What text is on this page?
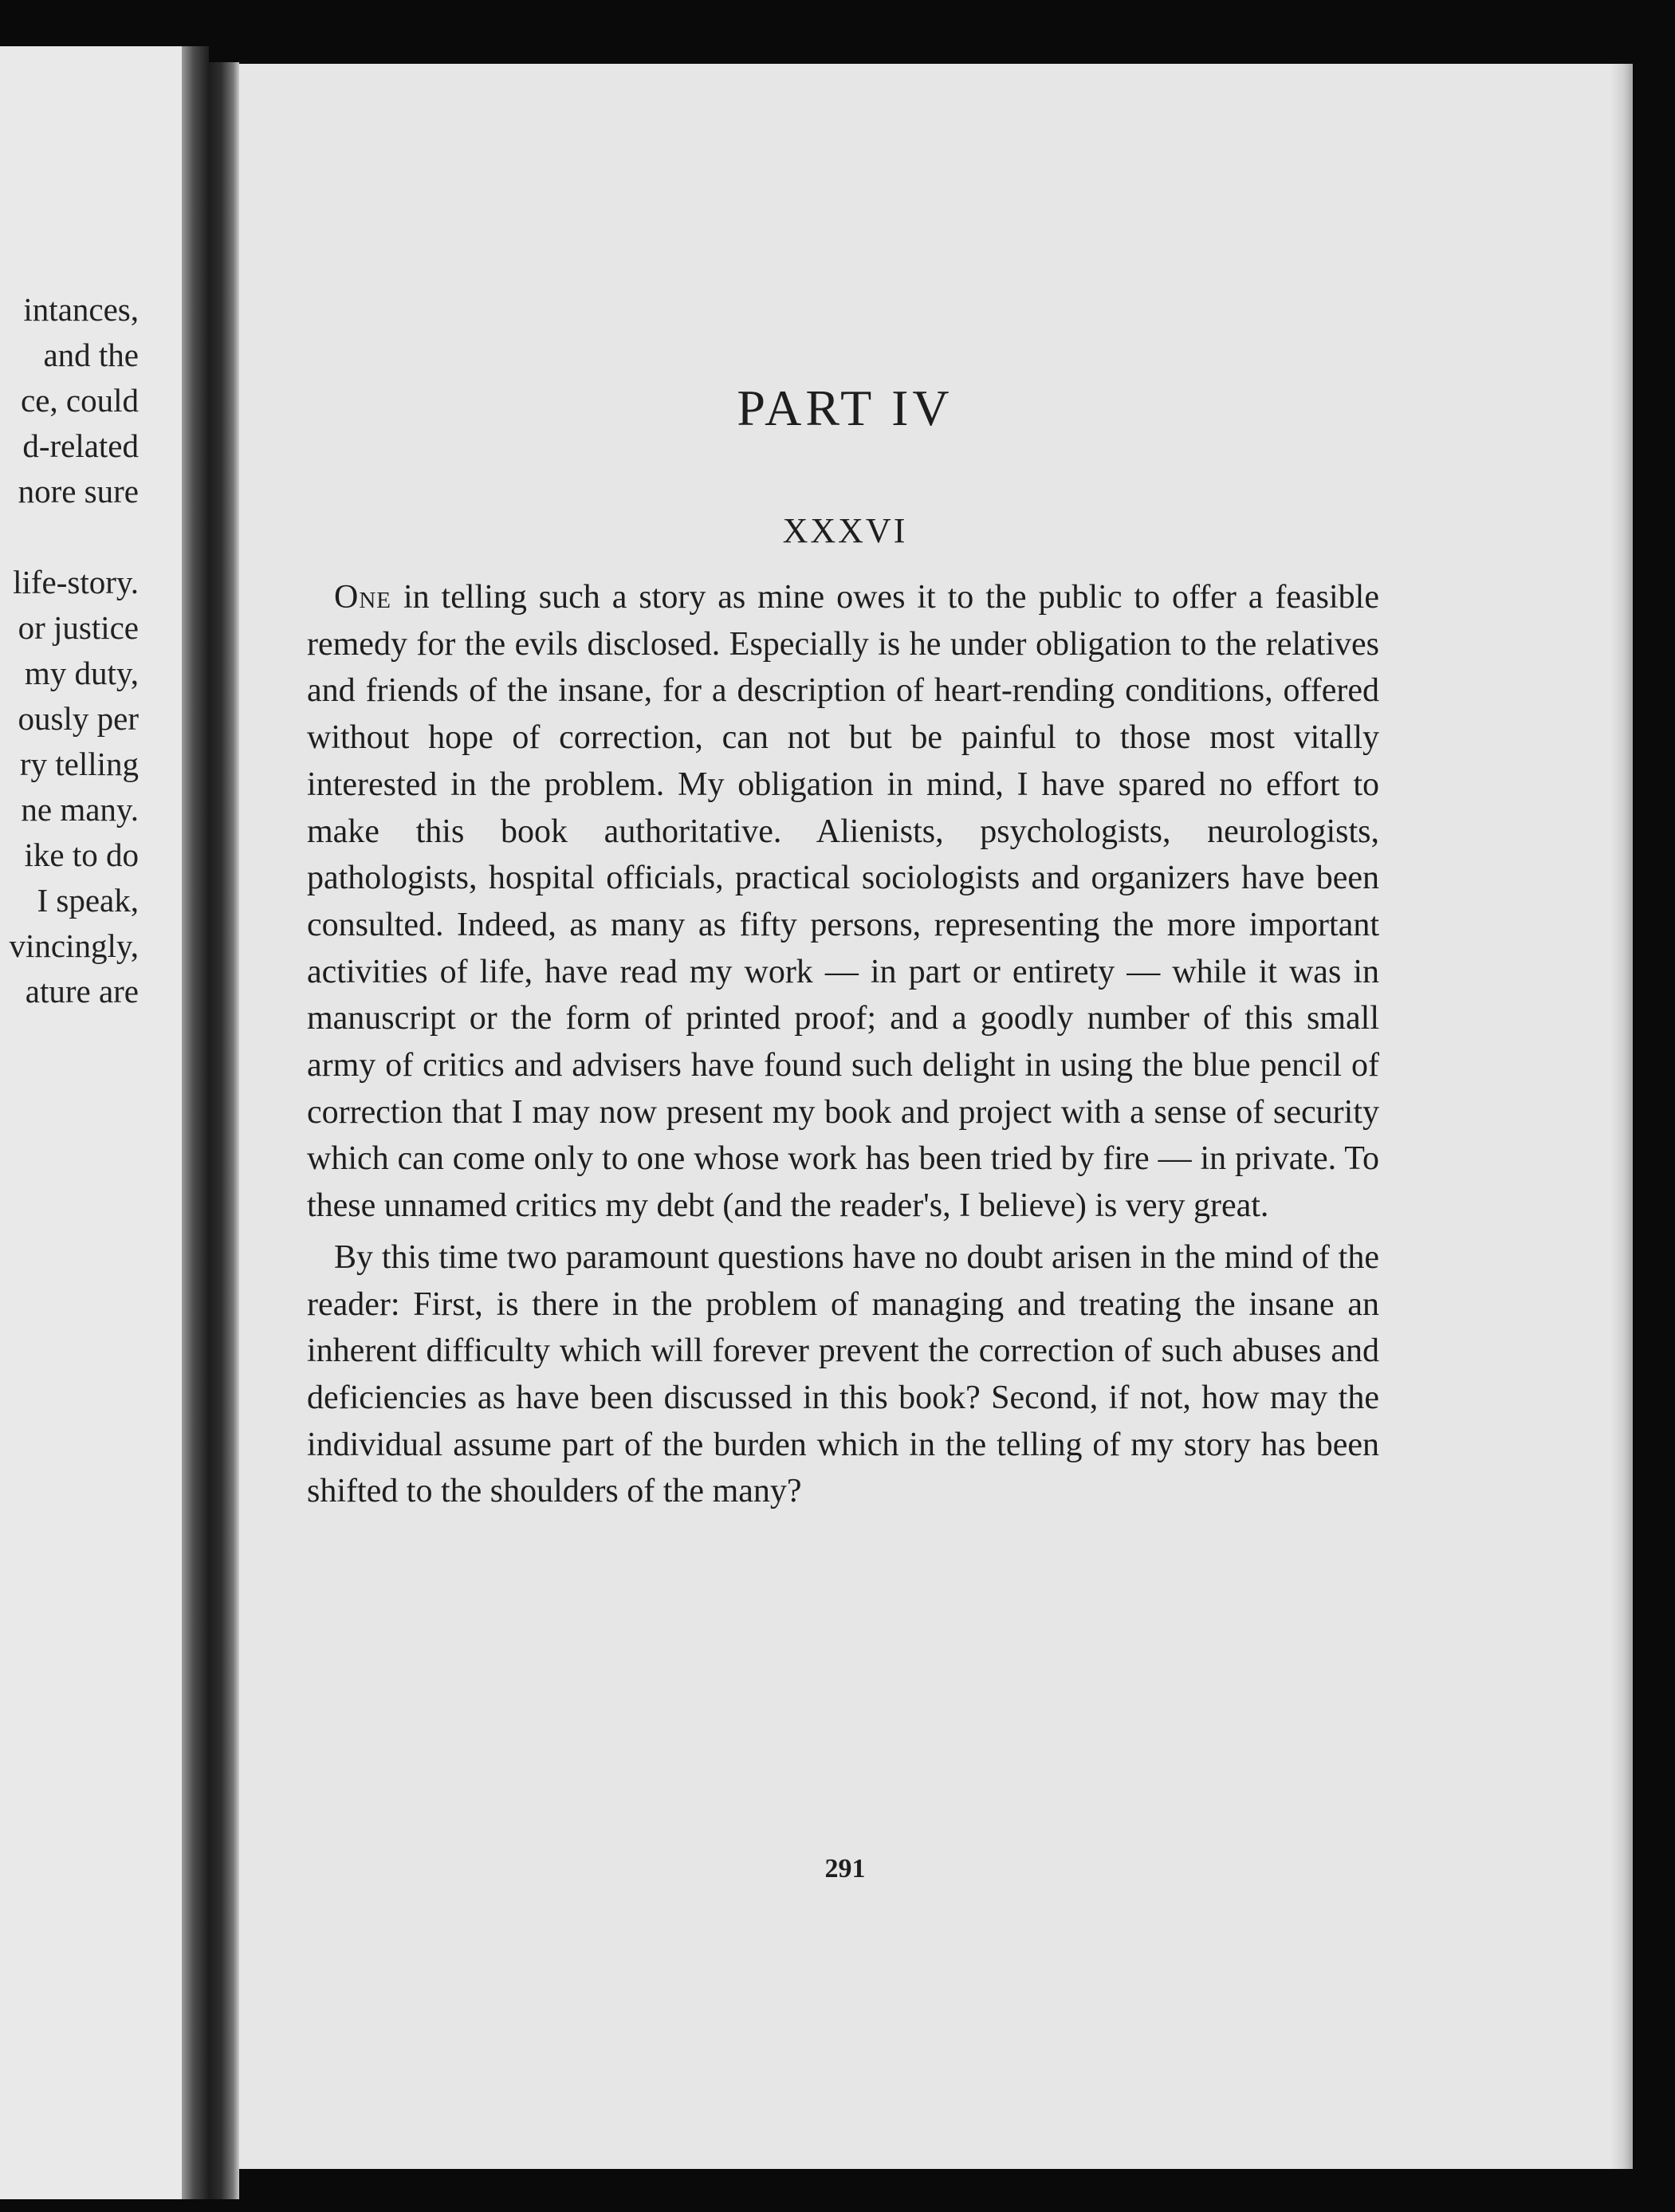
intances,
and the
ce, could
d-related
nore sure
life-story.
or justice
my duty,
ously per
ry telling
ne many.
ike to do
I speak,
vincingly,
ature are
PART IV
XXXVI

One in telling such a story as mine owes it to the public to offer a feasible remedy for the evils disclosed. Especially is he under obligation to the relatives and friends of the insane, for a description of heart-rending conditions, offered without hope of correction, can not but be painful to those most vitally interested in the problem. My obligation in mind, I have spared no effort to make this book authoritative. Alienists, psychologists, neurologists, pathologists, hospital officials, practical sociologists and organizers have been consulted. Indeed, as many as fifty persons, representing the more important activities of life, have read my work — in part or entirety — while it was in manuscript or the form of printed proof; and a goodly number of this small army of critics and advisers have found such delight in using the blue pencil of correction that I may now present my book and project with a sense of security which can come only to one whose work has been tried by fire — in private. To these unnamed critics my debt (and the reader's, I believe) is very great.

By this time two paramount questions have no doubt arisen in the mind of the reader: First, is there in the problem of managing and treating the insane an inherent difficulty which will forever prevent the correction of such abuses and deficiencies as have been discussed in this book? Second, if not, how may the individual assume part of the burden which in the telling of my story has been shifted to the shoulders of the many?

291
